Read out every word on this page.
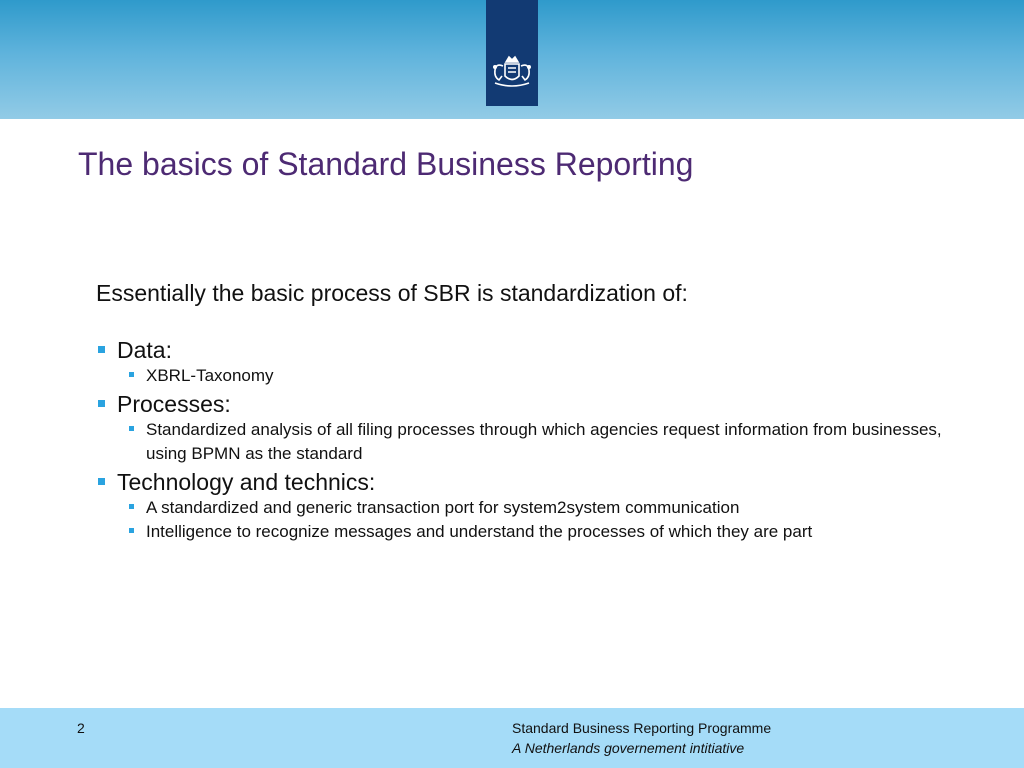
The basics of Standard Business Reporting

Essentially the basic process of SBR is standardization of:

Data:
XBRL-Taxonomy
Processes:
Standardized analysis of all filing processes through which agencies request information from businesses, using BPMN as the standard
Technology and technics:
A standardized and generic transaction port for system2system communication
Intelligence to recognize messages and understand the processes of which they are part
2	Standard Business Reporting Programme
A Netherlands governement intitiative
